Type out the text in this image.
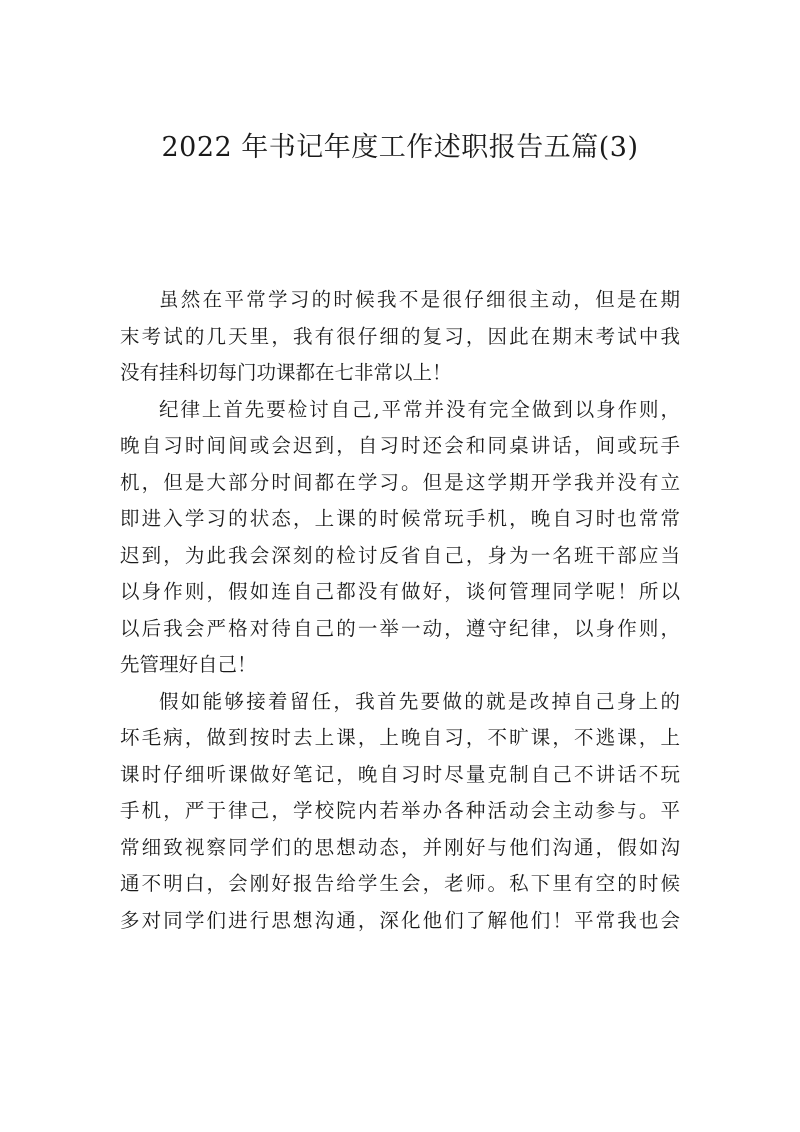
2022 年书记年度工作述职报告五篇(3)
虽然在平常学习的时候我不是很仔细很主动，但是在期
末考试的几天里，我有很仔细的复习，因此在期末考试中我
没有挂科切每门功课都在七非常以上！
纪律上首先要检讨自己,平常并没有完全做到以身作则，
晚自习时间间或会迟到，自习时还会和同桌讲话，间或玩手
机，但是大部分时间都在学习。但是这学期开学我并没有立
即进入学习的状态，上课的时候常玩手机，晚自习时也常常
迟到，为此我会深刻的检讨反省自己，身为一名班干部应当
以身作则，假如连自己都没有做好，谈何管理同学呢！所以
以后我会严格对待自己的一举一动，遵守纪律，以身作则，
先管理好自己！
假如能够接着留任，我首先要做的就是改掉自己身上的
坏毛病，做到按时去上课，上晚自习，不旷课，不逃课，上
课时仔细听课做好笔记，晚自习时尽量克制自己不讲话不玩
手机，严于律己，学校院内若举办各种活动会主动参与。平
常细致视察同学们的思想动态，并刚好与他们沟通，假如沟
通不明白，会刚好报告给学生会，老师。私下里有空的时候
多对同学们进行思想沟通，深化他们了解他们！平常我也会
